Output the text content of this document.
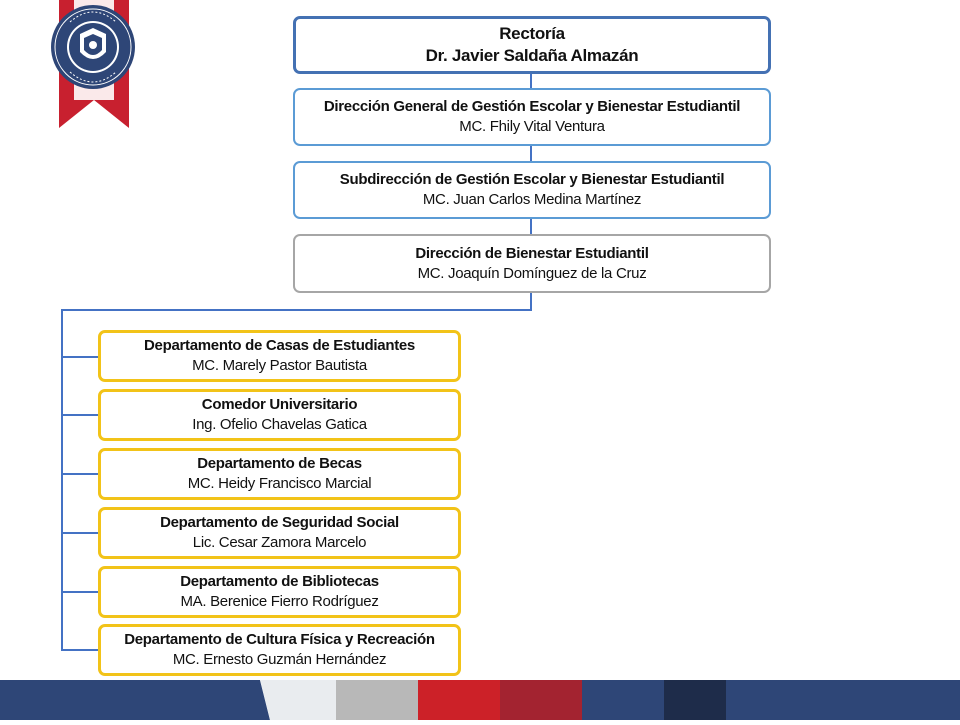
Rectoría
Dr. Javier Saldaña Almazán
Dirección General de Gestión Escolar y Bienestar Estudiantil
MC. Fhily Vital Ventura
Subdirección de Gestión Escolar y Bienestar Estudiantil
MC. Juan Carlos Medina Martínez
Dirección de Bienestar Estudiantil
MC. Joaquín Domínguez de la Cruz
Departamento de Casas de Estudiantes
MC. Marely Pastor Bautista
Comedor Universitario
Ing. Ofelio Chavelas Gatica
Departamento de Becas
MC. Heidy Francisco Marcial
Departamento de Seguridad Social
Lic. Cesar Zamora Marcelo
Departamento de Bibliotecas
MA. Berenice Fierro Rodríguez
Departamento de Cultura Física y Recreación
MC. Ernesto Guzmán Hernández
